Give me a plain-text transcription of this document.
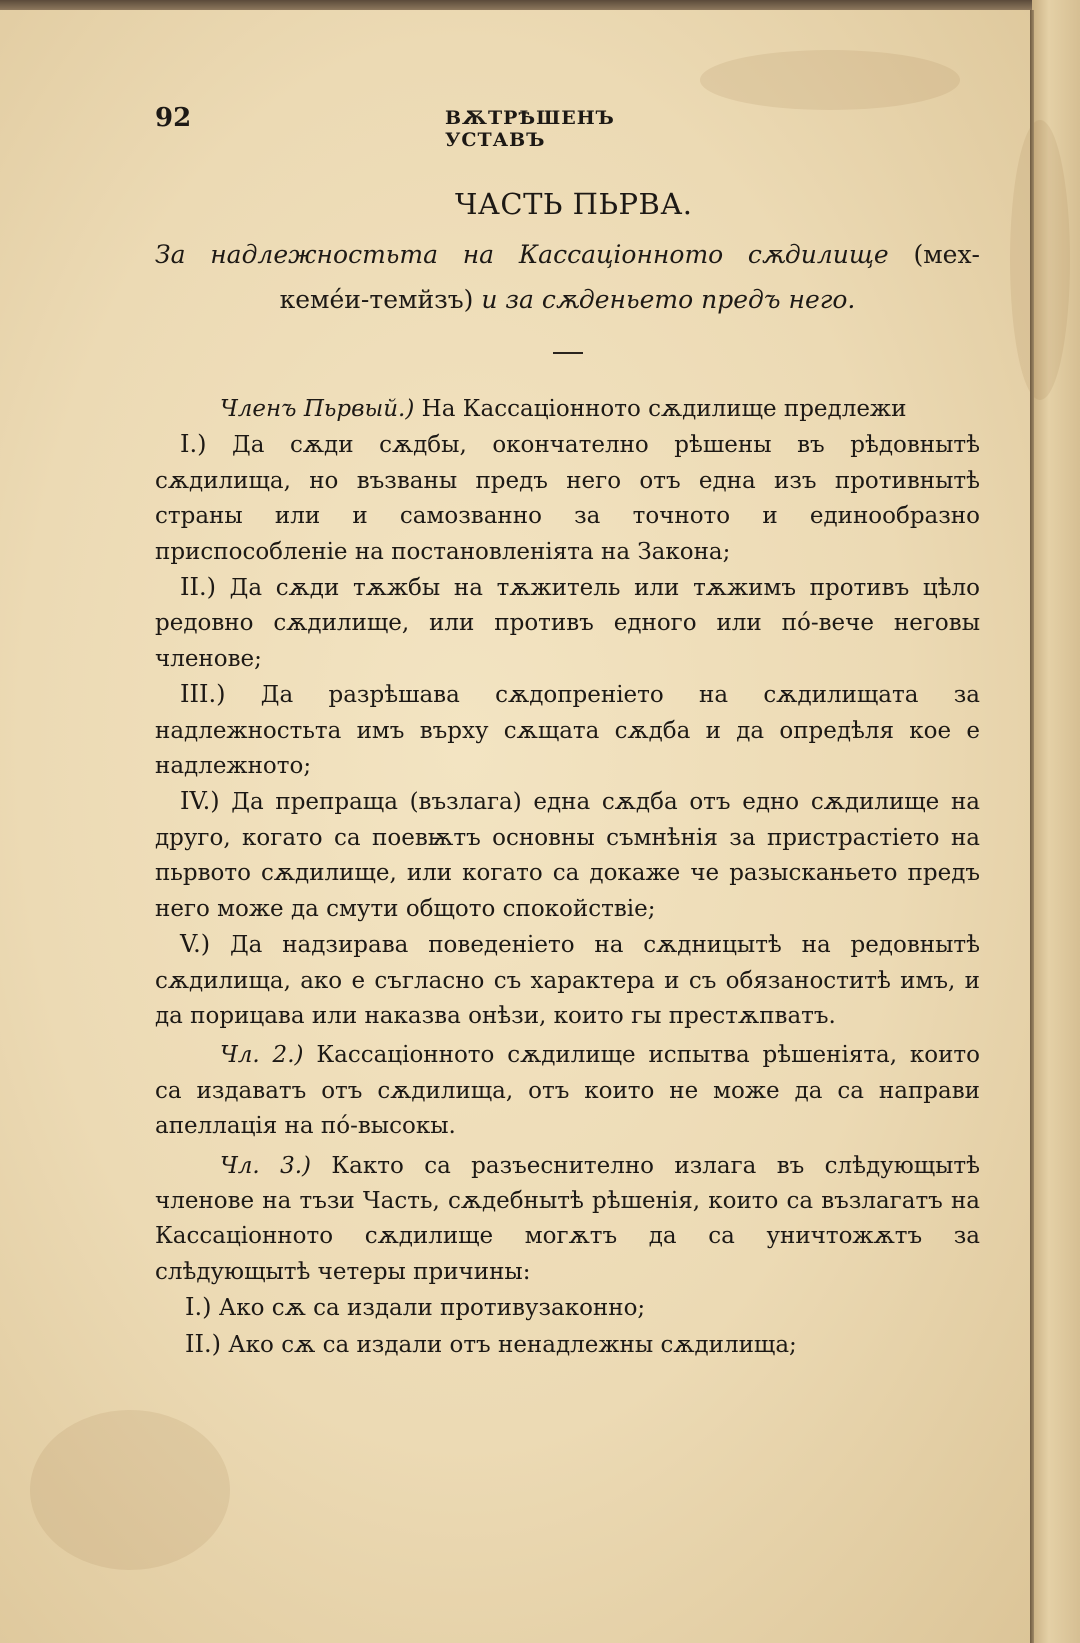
92	ВѪТРѢШЕНЪ УСТАВЪ
ЧАСТЬ ПЬРВА.
За надлежностьта на Кассаціонното сѫдилище (мех-кеме́и-темйзъ) и за сѫденьето предъ него.

Членъ Пьрвый.) На Кассаціонното сѫдилище предлежи

I.) Да сѫди сѫдбы, окончателно рѣшены въ рѣдовнытѣ сѫдилища, но възваны предъ него отъ една изъ противнытѣ страны или и самозванно за точното и единообразно приспособленіе на постановленіята на Закона;

II.) Да сѫди тѫжбы на тѫжитель или тѫжимъ противъ цѣло редовно сѫдилище, или противъ едного или по́-вече неговы членове;

III.) Да разрѣшава сѫдопреніето на сѫдилищата за надлежностьта имъ върху сѫщата сѫдба и да опредѣля кое е надлежното;

IV.) Да препраща (възлага) една сѫдба отъ едно сѫдилище на друго, когато са поевѭтъ основны съмнѣнія за пристрастіето на пьрвото сѫдилище, или когато са докаже че разысканьето предъ него може да смути общото спокойствіе;

V.) Да надзирава поведеніето на сѫдницытѣ на редовнытѣ сѫдилища, ако е съгласно съ характера и съ обязаноститѣ имъ, и да порицава или наказва онѣзи, които гы престѫпватъ.

Чл. 2.) Кассаціонното сѫдилище испытва рѣшеніята, които са издаватъ отъ сѫдилища, отъ които не може да са направи апеллація на по́-высокы.

Чл. 3.) Както са разъеснително излага въ слѣдующытѣ членове на тъзи Часть, сѫдебнытѣ рѣшенія, които са възлагатъ на Кассаціонното сѫдилище могѫтъ да са уничтожѫтъ за слѣдующытѣ четеры причины:

I.) Ако сѫ са издали противузаконно;

II.) Ако сѫ са издали отъ ненадлежны сѫдилища;
